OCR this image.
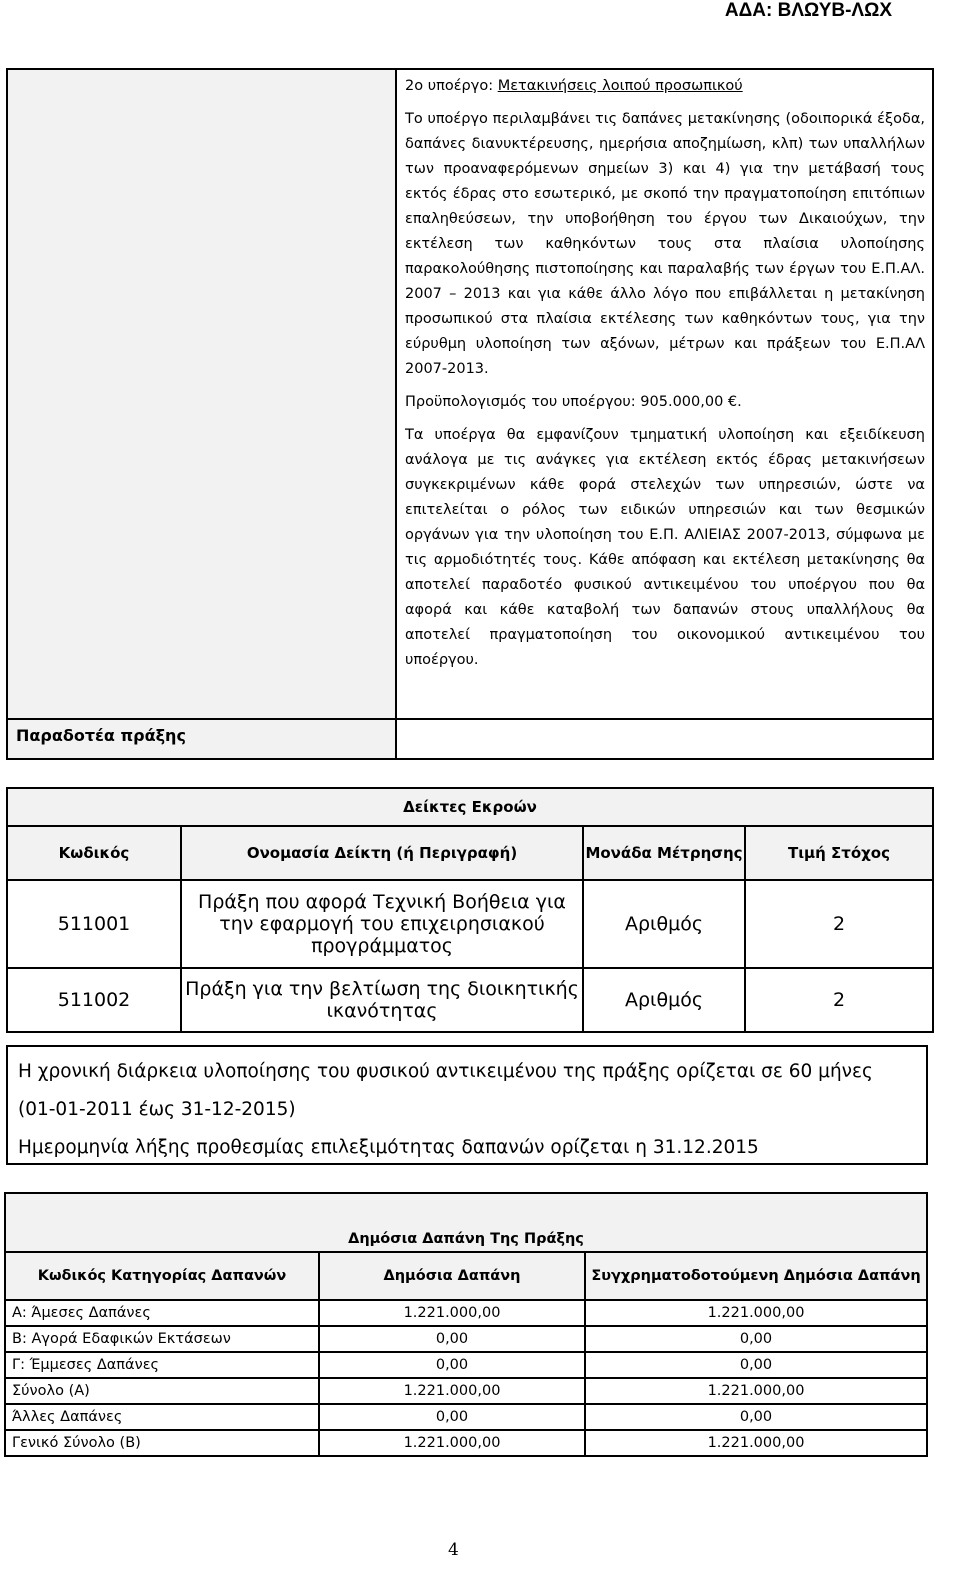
ΑΔΑ: ΒΛΩΥΒ-ΛΩΧ

2ο υποέργο: Μετακινήσεις λοιπού προσωπικού

Το υποέργο περιλαμβάνει τις δαπάνες μετακίνησης (οδοιπορικά έξοδα, δαπάνες διανυκτέρευσης, ημερήσια αποζημίωση, κλπ) των υπαλλήλων των προαναφερόμενων σημείων 3) και 4) για την μετάβασή τους εκτός έδρας στο εσωτερικό, με σκοπό την πραγματοποίηση επιτόπιων επαληθεύσεων, την υποβοήθηση του έργου των Δικαιούχων, την εκτέλεση των καθηκόντων τους στα πλαίσια υλοποίησης παρακολούθησης πιστοποίησης και παραλαβής των έργων του Ε.Π.ΑΛ. 2007 – 2013 και για κάθε άλλο λόγο που επιβάλλεται η μετακίνηση προσωπικού στα πλαίσια εκτέλεσης των καθηκόντων τους, για την εύρυθμη υλοποίηση των αξόνων, μέτρων και πράξεων του Ε.Π.ΑΛ 2007-2013.

Προϋπολογισμός του υποέργου: 905.000,00 €.

Τα υποέργα θα εμφανίζουν τμηματική υλοποίηση και εξειδίκευση ανάλογα με τις ανάγκες για εκτέλεση εκτός έδρας μετακινήσεων συγκεκριμένων κάθε φορά στελεχών των υπηρεσιών, ώστε να επιτελείται ο ρόλος των ειδικών υπηρεσιών και των θεσμικών οργάνων για την υλοποίηση του Ε.Π. ΑΛΙΕΙΑΣ 2007-2013, σύμφωνα με τις αρμοδιότητές τους. Κάθε απόφαση και εκτέλεση μετακίνησης θα αποτελεί παραδοτέο φυσικού αντικειμένου του υποέργου που θα αφορά και κάθε καταβολή των δαπανών στους υπαλλήλους θα αποτελεί πραγματοποίηση του οικονομικού αντικειμένου του υποέργου.

Παραδοτέα πράξης
Δείκτες Εκροών			
Κωδικός	Ονομασία Δείκτη (ή Περιγραφή)	Μονάδα Μέτρησης	Τιμή Στόχος
511001	Πράξη που αφορά Τεχνική Βοήθεια για την εφαρμογή του επιχειρησιακού προγράμματος	Αριθμός	2
511002	Πράξη για την βελτίωση της διοικητικής ικανότητας	Αριθμός	2
Η χρονική διάρκεια υλοποίησης του φυσικού αντικειμένου της πράξης ορίζεται σε 60 μήνες
(01-01-2011 έως 31-12-2015)
Ημερομηνία λήξης προθεσμίας επιλεξιμότητας δαπανών ορίζεται η 31.12.2015
Δημόσια Δαπάνη Της Πράξης		
Κωδικός Κατηγορίας Δαπανών	Δημόσια Δαπάνη	Συγχρηματοδοτούμενη Δημόσια Δαπάνη
Α: Άμεσες Δαπάνες	1.221.000,00	1.221.000,00
Β: Αγορά Εδαφικών Εκτάσεων	0,00	0,00
Γ: Έμμεσες Δαπάνες	0,00	0,00
Σύνολο (Α)	1.221.000,00	1.221.000,00
Άλλες Δαπάνες	0,00	0,00
Γενικό Σύνολο (Β)	1.221.000,00	1.221.000,00
4
